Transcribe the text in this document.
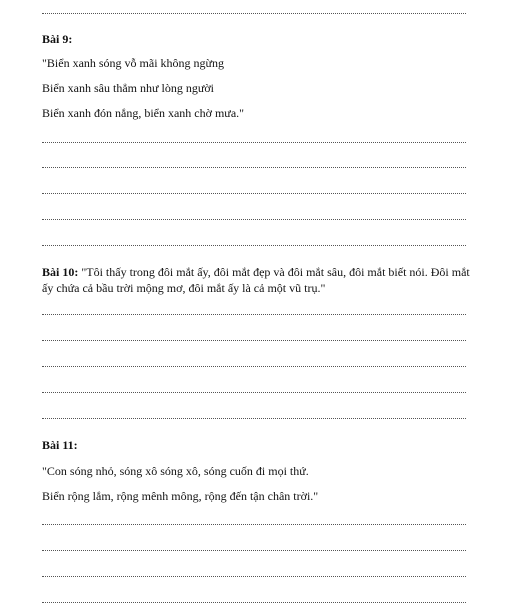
Bài 9:
"Biển xanh sóng vỗ mãi không ngừng
Biển xanh sâu thẳm như lòng người
Biển xanh đón nắng, biển xanh chờ mưa."
Bài 10: "Tôi thấy trong đôi mắt ấy, đôi mắt đẹp và đôi mắt sâu, đôi mắt biết nói. Đôi mắt ấy chứa cả bầu trời mộng mơ, đôi mắt ấy là cả một vũ trụ."
Bài 11:
"Con sóng nhỏ, sóng xô sóng xô, sóng cuốn đi mọi thứ.
Biển rộng lắm, rộng mênh mông, rộng đến tận chân trời."
